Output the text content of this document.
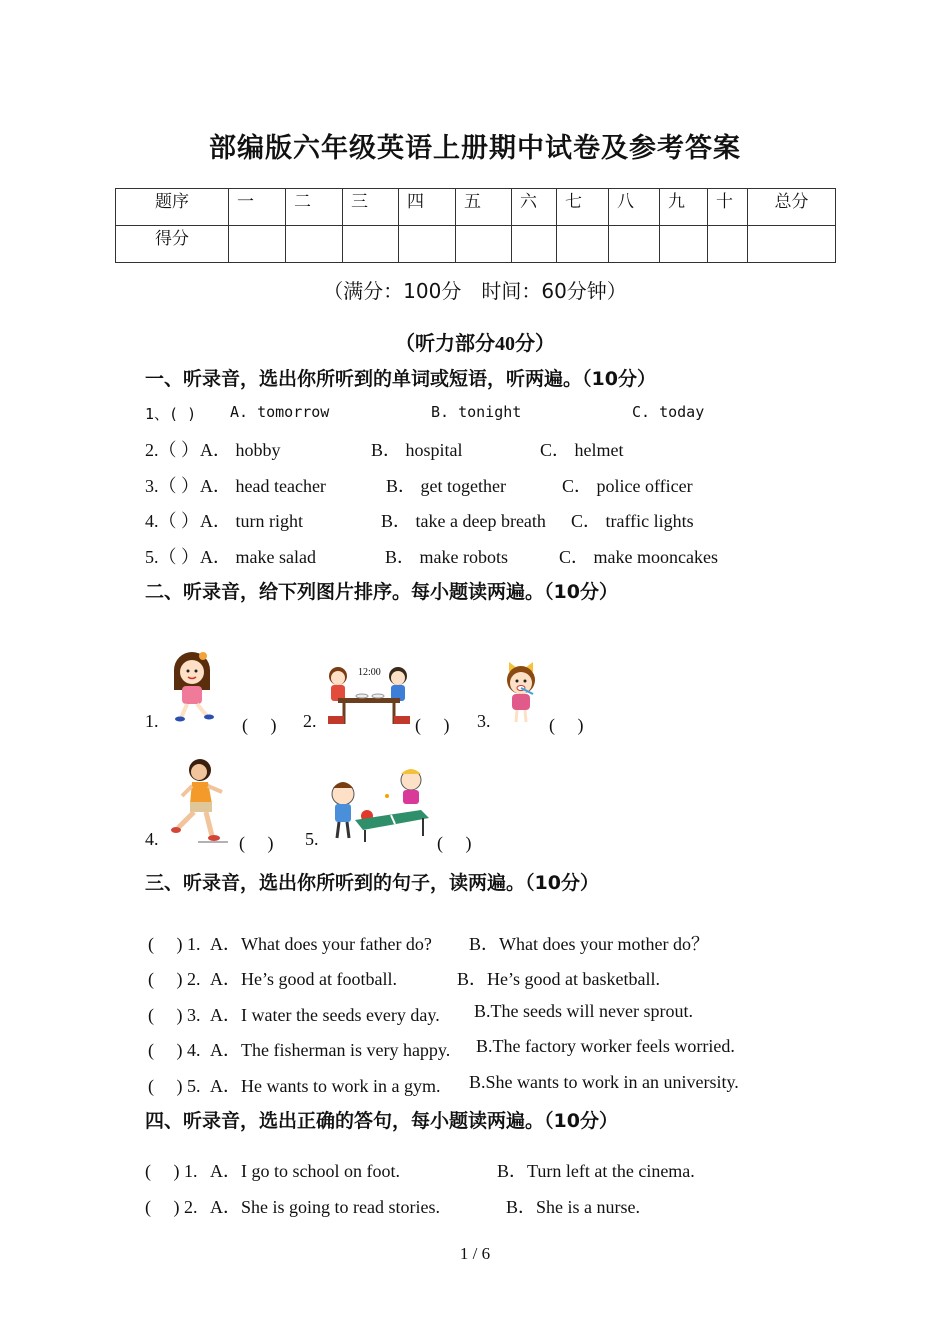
部编版六年级英语上册期中试卷及参考答案
题序	一	二	三	四	五	六	七	八	九	十	总分
得分											
（满分：100分　时间：60分钟）
（听力部分40分）
一、听录音，选出你所听到的单词或短语，听两遍。（10分）
1、( ) A. tomorrow	B. tonight	C. today
2.（ ） A． hobby	B． hospital	C． helmet
3.（ ） A． head teacher	B． get together	C． police officer
4.（ ） A． turn right	B． take a deep breath C． traffic lights
5.（ ） A． make salad	B． make robots	C． make mooncakes
二、听录音，给下列图片排序。每小题读两遍。（10分）
1.	(　 )
12:00
2.	(　 ) 3.	(　 )
4.	(　 ) 5.	(　 )
三、听录音，选出你所听到的句子，读两遍。（10分）
(　 ) 1. A．What does your father do? B．What does your mother do？
(　 ) 2. A．He’s good at football.	B．He’s good at basketball.
(　 ) 3. A．I water the seeds every day. B.The seeds will never sprout.
(　 ) 4. A．The fisherman is very happy. B.The factory worker feels worried.
(　 ) 5. A．He wants to work in a gym. B.She wants to work in an university.
四、听录音，选出正确的答句，每小题读两遍。（10分）
(　 ) 1. A．I go to school on foot.	B．Turn left at the cinema.
(　 ) 2. A．She is going to read stories.	B．She is a nurse.
1 / 6
